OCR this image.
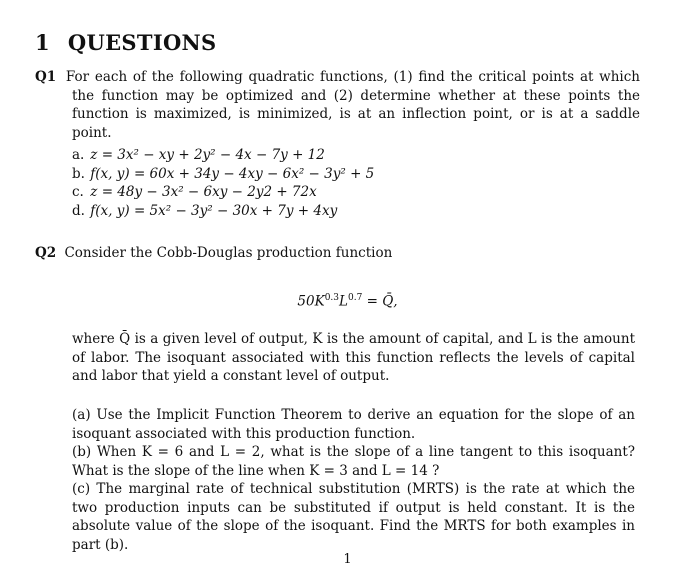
1 QUESTIONS
Q1 For each of the following quadratic functions, (1) find the critical points at which the function may be optimized and (2) determine whether at these points the function is maximized, is minimized, is at an inflection point, or is at a saddle point.
a. z = 3x² − xy + 2y² − 4x − 7y + 12
b. f(x, y) = 60x + 34y − 4xy − 6x² − 3y² + 5
c. z = 48y − 3x² − 6xy − 2y2 + 72x
d. f(x, y) = 5x² − 3y² − 30x + 7y + 4xy
Q2 Consider the Cobb-Douglas production function
$50K^{0.3}L^{0.7}$ = Q̄,
where Q̄ is a given level of output, K is the amount of capital, and L is the amount of labor. The isoquant associated with this function reflects the levels of capital and labor that yield a constant level of output.
(a) Use the Implicit Function Theorem to derive an equation for the slope of an isoquant associated with this production function.
(b) When K = 6 and L = 2, what is the slope of a line tangent to this isoquant? What is the slope of the line when K = 3 and L = 14 ?
(c) The marginal rate of technical substitution (MRTS) is the rate at which the two production inputs can be substituted if output is held constant. It is the absolute value of the slope of the isoquant. Find the MRTS for both examples in part (b).
1
